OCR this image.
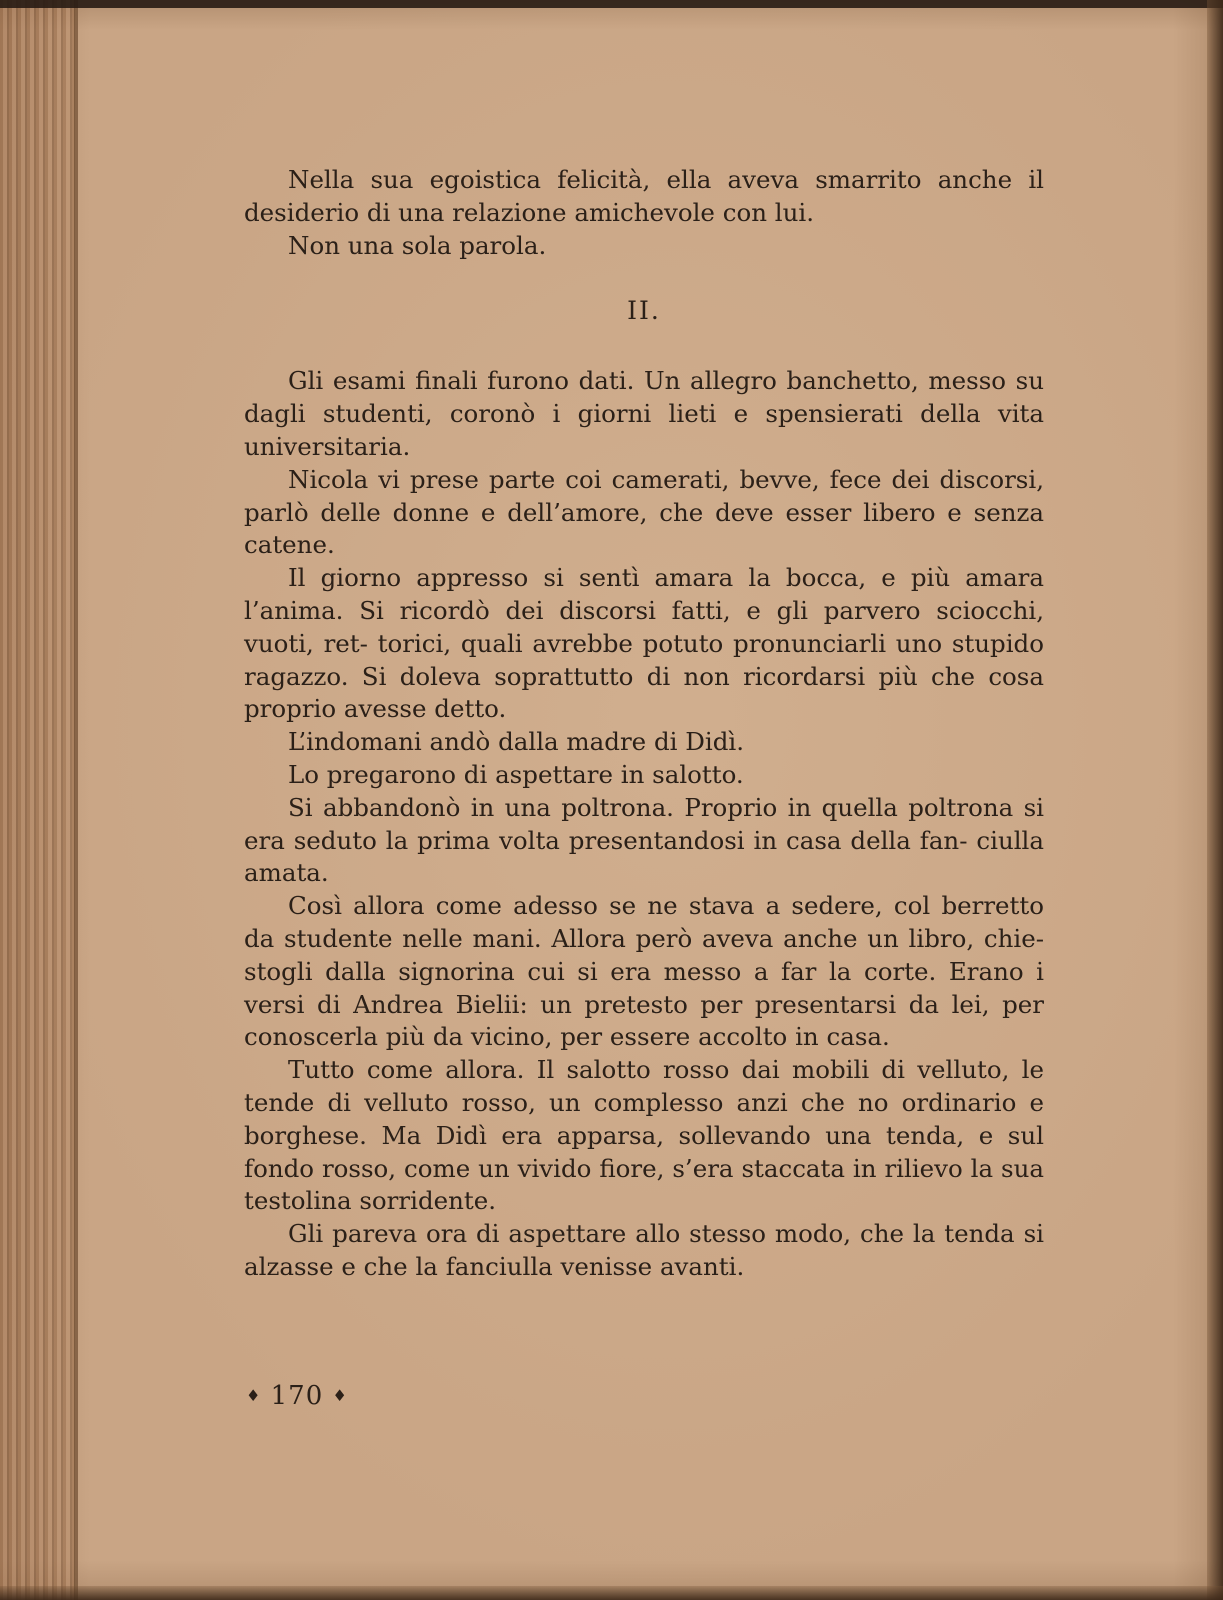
Nella sua egoistica felicità, ella aveva smarrito anche il desiderio di una relazione amichevole con lui.

Non una sola parola.

II.

Gli esami finali furono dati. Un allegro banchetto, messo su dagli studenti, coronò i giorni lieti e spensierati della vita universitaria.

Nicola vi prese parte coi camerati, bevve, fece dei discorsi, parlò delle donne e dell’amore, che deve esser libero e senza catene.

Il giorno appresso si sentì amara la bocca, e più amara l’anima. Si ricordò dei discorsi fatti, e gli parvero sciocchi, vuoti, ret- torici, quali avrebbe potuto pronunciarli uno stupido ragazzo. Si doleva soprattutto di non ricordarsi più che cosa proprio avesse detto.

L’indomani andò dalla madre di Didì.

Lo pregarono di aspettare in salotto.

Si abbandonò in una poltrona. Proprio in quella poltrona si era seduto la prima volta presentandosi in casa della fan- ciulla amata.

Così allora come adesso se ne stava a sedere, col berretto da studente nelle mani. Allora però aveva anche un libro, chie- stogli dalla signorina cui si era messo a far la corte. Erano i versi di Andrea Bielii: un pretesto per presentarsi da lei, per conoscerla più da vicino, per essere accolto in casa.

Tutto come allora. Il salotto rosso dai mobili di velluto, le tende di velluto rosso, un complesso anzi che no ordinario e borghese. Ma Didì era apparsa, sollevando una tenda, e sul fondo rosso, come un vivido fiore, s’era staccata in rilievo la sua testolina sorridente.

Gli pareva ora di aspettare allo stesso modo, che la tenda si alzasse e che la fanciulla venisse avanti.

♦ 170 ♦
